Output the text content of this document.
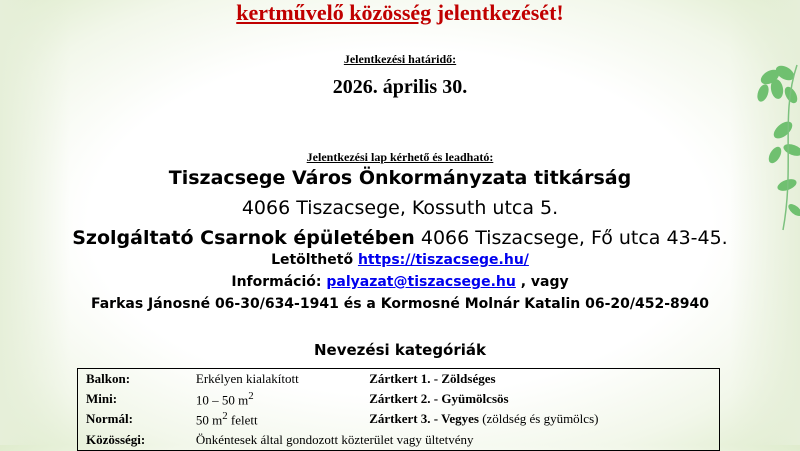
kertművelő közösség jelentkezését!
Jelentkezési határidő:
2026. április 30.
Jelentkezési lap kérhető és leadható:
Tiszacsege Város Önkormányzata titkárság
4066 Tiszacsege, Kossuth utca 5.
Szolgáltató Csarnok épületében 4066 Tiszacsege, Fő utca 43-45.
Letölthető https://tiszacsege.hu/
Információ: palyazat@tiszacsege.hu , vagy
Farkas Jánosné 06-30/634-1941 és a Kormosné Molnár Katalin 06-20/452-8940
Nevezési kategóriák
Balkon:	Erkélyen kialakított	Zártkert 1. - Zöldséges
Mini:	10 – 50 $m^2$	Zártkert 2. - Gyümölcsös
Normál:	50 $m^2$ felett	Zártkert 3. - Vegyes (zöldség és gyümölcs)
Közösségi:	Önkéntesek által gondozott közterület vagy ültetvény	
